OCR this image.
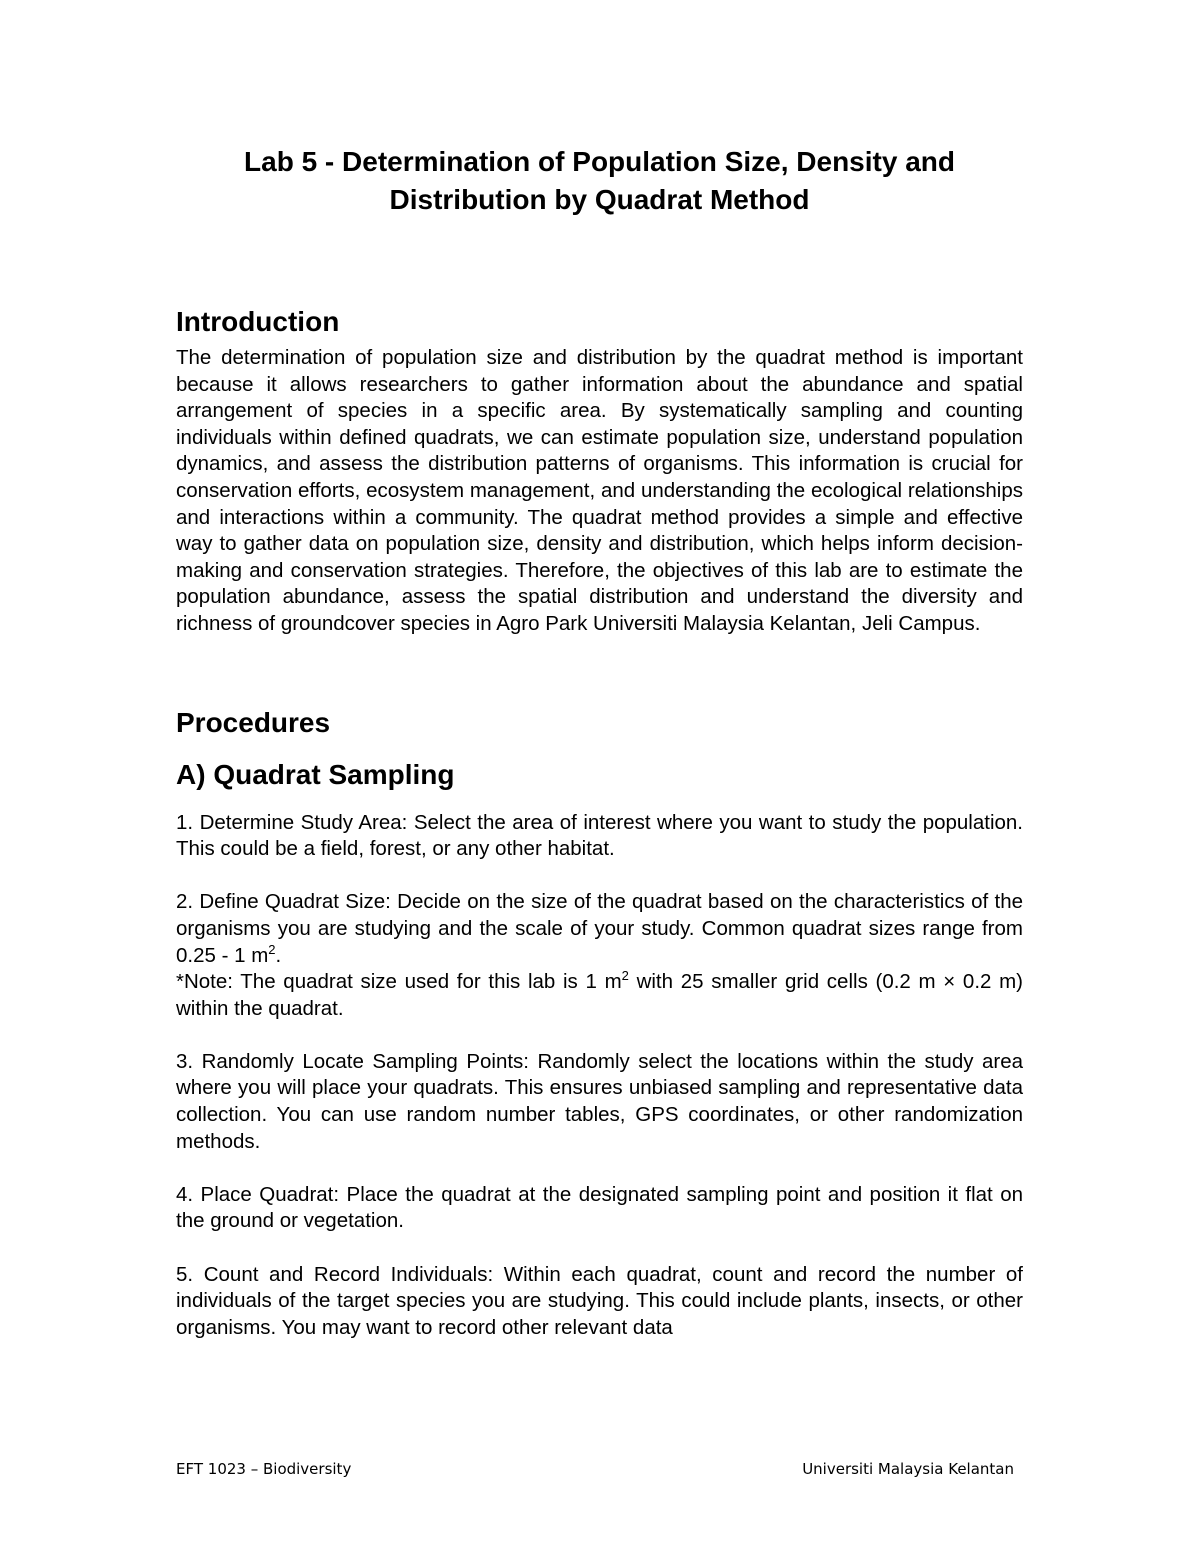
Lab 5 - Determination of Population Size, Density and Distribution by Quadrat Method
Introduction

The determination of population size and distribution by the quadrat method is important because it allows researchers to gather information about the abundance and spatial arrangement of species in a specific area. By systematically sampling and counting individuals within defined quadrats, we can estimate population size, understand population dynamics, and assess the distribution patterns of organisms. This information is crucial for conservation efforts, ecosystem management, and understanding the ecological relationships and interactions within a community. The quadrat method provides a simple and effective way to gather data on population size, density and distribution, which helps inform decision-making and conservation strategies. Therefore, the objectives of this lab are to estimate the population abundance, assess the spatial distribution and understand the diversity and richness of groundcover species in Agro Park Universiti Malaysia Kelantan, Jeli Campus.

Procedures
A) Quadrat Sampling

1. Determine Study Area: Select the area of interest where you want to study the population. This could be a field, forest, or any other habitat.

2. Define Quadrat Size: Decide on the size of the quadrat based on the characteristics of the organisms you are studying and the scale of your study. Common quadrat sizes range from 0.25 - 1 $m^2$.

*Note: The quadrat size used for this lab is 1 $m^2$ with 25 smaller grid cells (0.2 m × 0.2 m) within the quadrat.

3. Randomly Locate Sampling Points: Randomly select the locations within the study area where you will place your quadrats. This ensures unbiased sampling and representative data collection. You can use random number tables, GPS coordinates, or other randomization methods.

4. Place Quadrat: Place the quadrat at the designated sampling point and position it flat on the ground or vegetation.

5. Count and Record Individuals: Within each quadrat, count and record the number of individuals of the target species you are studying. This could include plants, insects, or other organisms. You may want to record other relevant data

EFT 1023 – Biodiversity	Universiti Malaysia Kelantan
